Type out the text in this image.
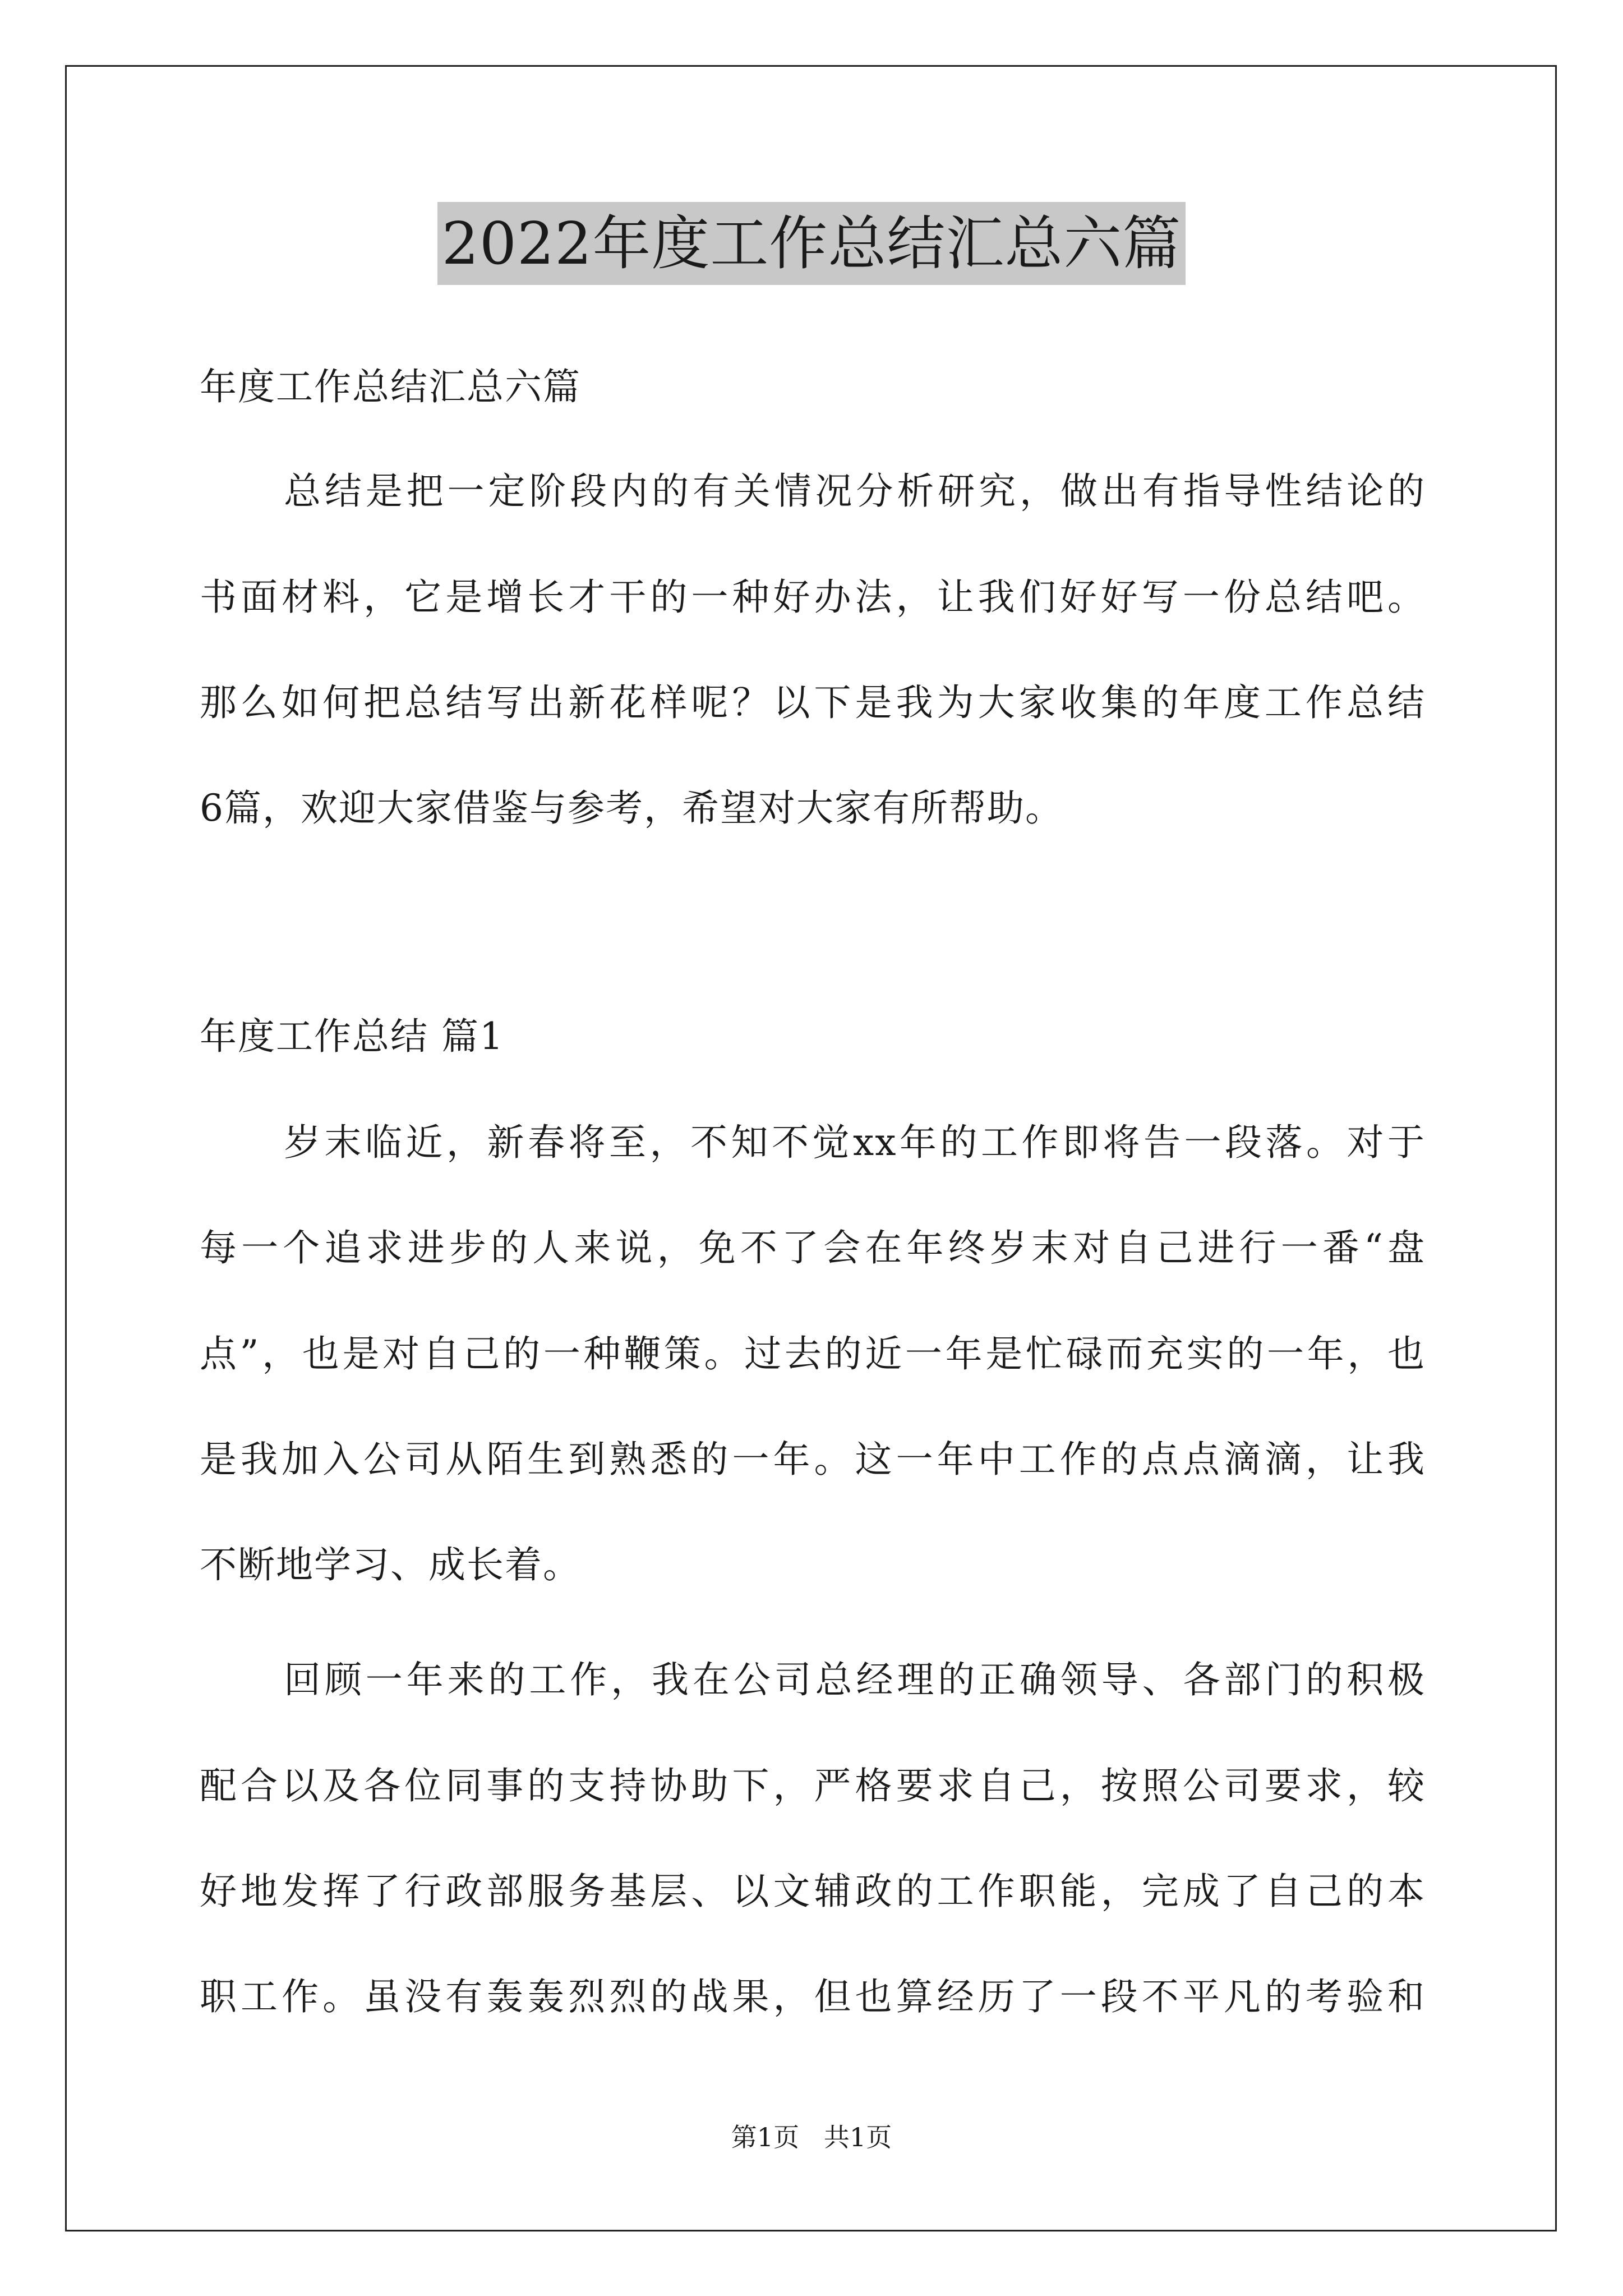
2022年度工作总结汇总六篇
年度工作总结汇总六篇
总结是把一定阶段内的有关情况分析研究，做出有指导性结论的
书面材料，它是增长才干的一种好办法，让我们好好写一份总结吧。
那么如何把总结写出新花样呢？以下是我为大家收集的年度工作总结
6篇，欢迎大家借鉴与参考，希望对大家有所帮助。
年度工作总结 篇1
岁末临近，新春将至，不知不觉xx年的工作即将告一段落。对于
每一个追求进步的人来说，免不了会在年终岁末对自己进行一番“盘
点”，也是对自己的一种鞭策。过去的近一年是忙碌而充实的一年，也
是我加入公司从陌生到熟悉的一年。这一年中工作的点点滴滴，让我
不断地学习、成长着。
回顾一年来的工作，我在公司总经理的正确领导、各部门的积极
配合以及各位同事的支持协助下，严格要求自己，按照公司要求，较
好地发挥了行政部服务基层、以文辅政的工作职能，完成了自己的本
职工作。虽没有轰轰烈烈的战果，但也算经历了一段不平凡的考验和
第1页   共1页
